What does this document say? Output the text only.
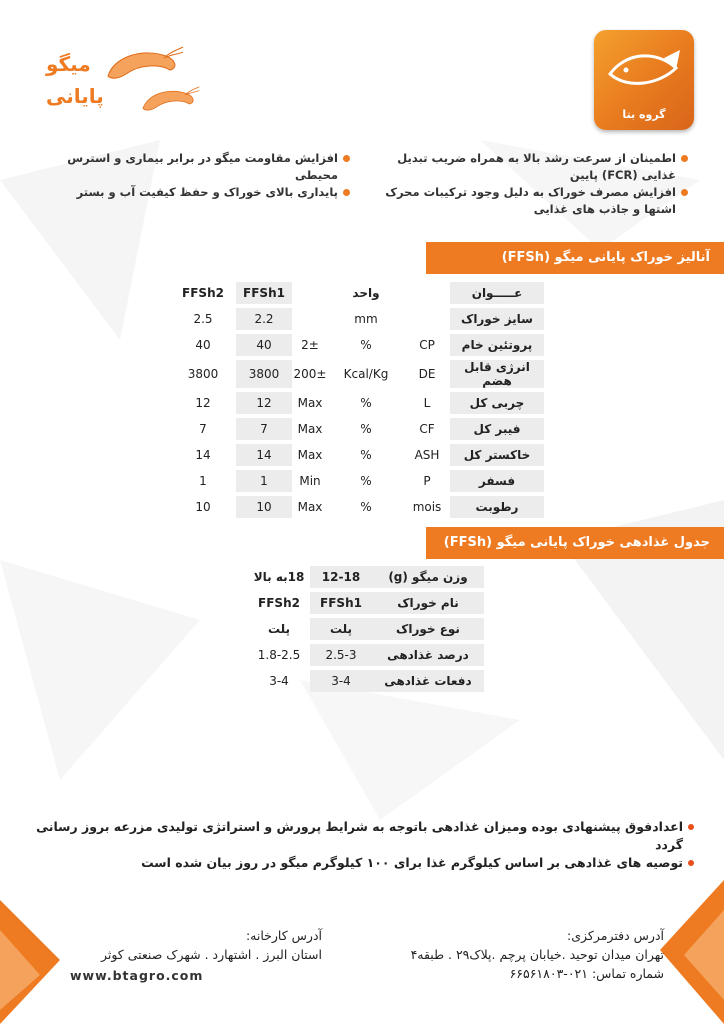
گروه بتا
میگو
پایانی
اطمینان از سرعت رشد بالا به همراه ضریب تبدیل غذایی (FCR) پایین
افزایش مصرف خوراک به دلیل وجود ترکیبات محرک اشتها و جاذب های غذایی
افزایش مقاومت میگو در برابر بیماری و استرس محیطی
پایداری بالای خوراک و حفظ کیفیت آب و بستر
آنالیز خوراک پایانی میگو (FFSh)
FFSh2	FFSh1		واحد		عـــــوان
2.5	2.2		mm		سایز خوراک
40	40	2±	%	CP	پروتئین خام
3800	3800	200±	Kcal/Kg	DE	انرژی قابل هضم
12	12	Max	%	L	چربی کل
7	7	Max	%	CF	فیبر کل
14	14	Max	%	ASH	خاکستر کل
1	1	Min	%	P	فسفر
10	10	Max	%	mois	رطوبت
جدول غذادهی خوراک پایانی میگو (FFSh)
18به بالا	12-18	وزن میگو (g)
FFSh2	FFSh1	نام خوراک
پلت	پلت	نوع خوراک
1.8-2.5	2.5-3	درصد غذادهی
3-4	3-4	دفعات غذادهی
اعدادفوق پیشنهادی بوده ومیزان غذادهی باتوجه به شرایط پرورش و استراتژی تولیدی مزرعه بروز رسانی گردد
توصیه های غذادهی بر اساس کیلوگرم غذا برای ۱۰۰ کیلوگرم میگو در روز بیان شده است
آدرس دفترمرکزی:
تهران میدان توحید .خیابان پرچم .پلاک۲۹ . طبقه۴
شماره تماس: ۰۲۱-۶۶۵۶۱۸۰۳
آدرس کارخانه:
استان البرز . اشتهارد . شهرک صنعتی کوثر
www.btagro.com
